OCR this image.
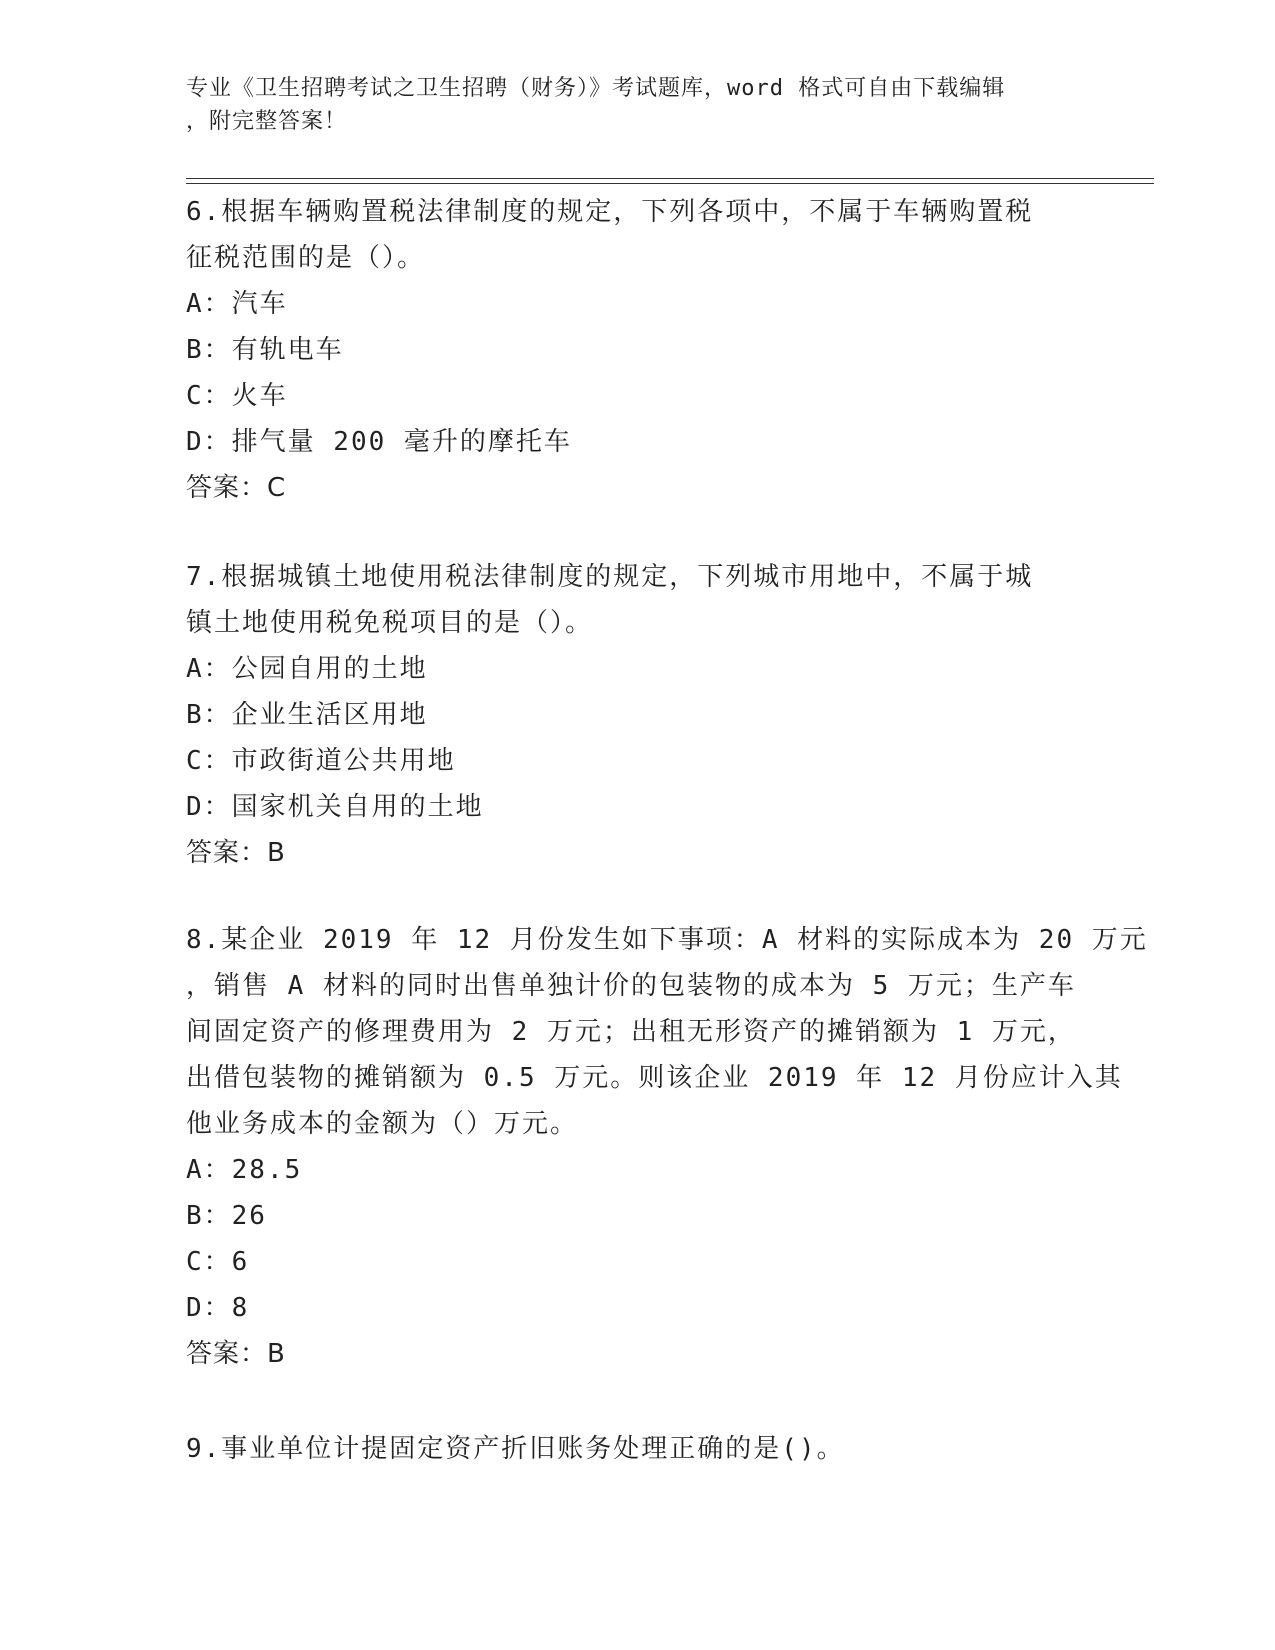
专业《卫生招聘考试之卫生招聘（财务）》考试题库，word 格式可自由下载编辑
，附完整答案！
6.根据车辆购置税法律制度的规定，下列各项中，不属于车辆购置税
征税范围的是（）。
A：汽车
B：有轨电车
C：火车
D：排气量 200 毫升的摩托车
答案：C
7.根据城镇土地使用税法律制度的规定，下列城市用地中，不属于城
镇土地使用税免税项目的是（）。
A：公园自用的土地
B：企业生活区用地
C：市政街道公共用地
D：国家机关自用的土地
答案：B
8.某企业 2019 年 12 月份发生如下事项：A 材料的实际成本为 20 万元
，销售 A 材料的同时出售单独计价的包装物的成本为 5 万元；生产车
间固定资产的修理费用为 2 万元；出租无形资产的摊销额为 1 万元，
出借包装物的摊销额为 0.5 万元。则该企业 2019 年 12 月份应计入其
他业务成本的金额为（）万元。
A：28.5
B：26
C：6
D：8
答案：B
9.事业单位计提固定资产折旧账务处理正确的是()。
